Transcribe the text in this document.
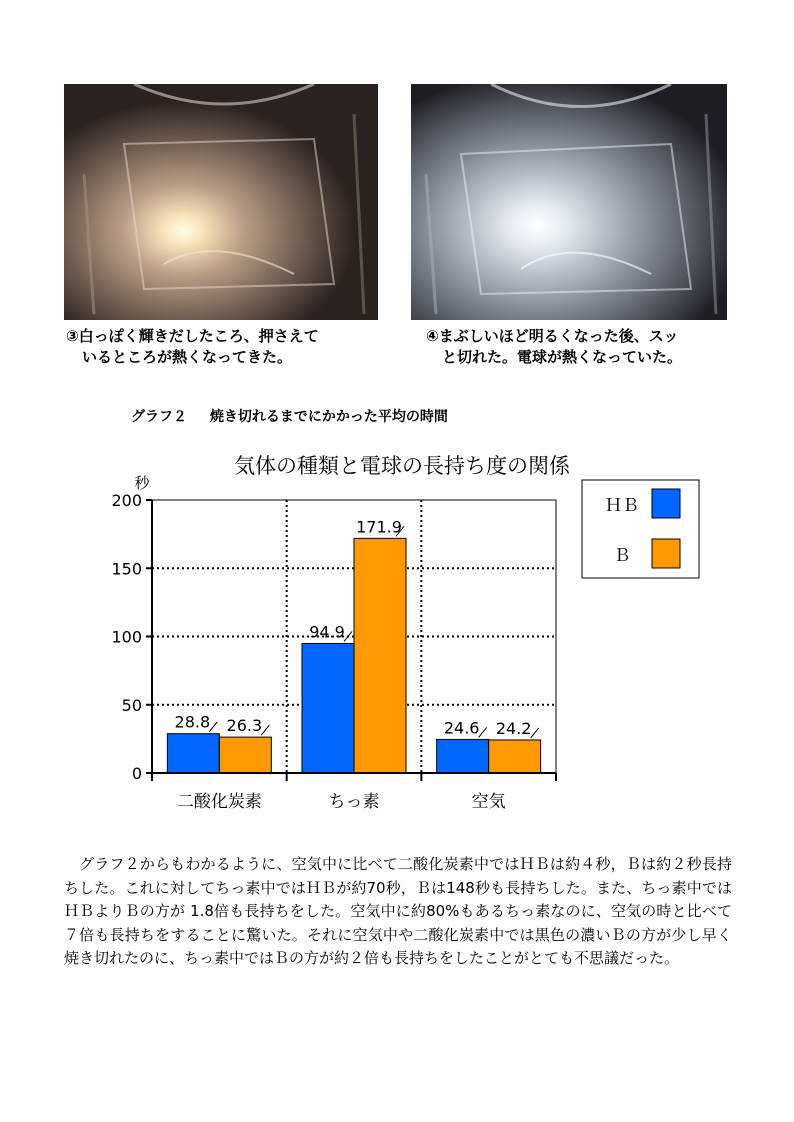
③白っぽく輝きだしたころ、押さえて
いるところが熱くなってきた。
④まぶしいほど明るくなった後、スッ
と切れた。電球が熱くなっていた。
グラフ２ 焼き切れるまでにかかった平均の時間
気体の種類と電球の長持ち度の関係
秒
0
50
100
150
200
28.8
94.9
24.6
26.3
171.9
24.2
二酸化炭素	ちっ素	空気
ＨＢ
Ｂ

グラフ２からもわかるように、空気中に比べて二酸化炭素中ではＨＢは約４秒，Ｂは約２秒長持ちした。これに対してちっ素中ではＨＢが約70秒，Ｂは148秒も長持ちした。また、ちっ素中ではＨＢよりＢの方が 1.8倍も長持ちをした。空気中に約80%もあるちっ素なのに、空気の時と比べて７倍も長持ちをすることに驚いた。それに空気中や二酸化炭素中では黒色の濃いＢの方が少し早く焼き切れたのに、ちっ素中ではＢの方が約２倍も長持ちをしたことがとても不思議だった。
